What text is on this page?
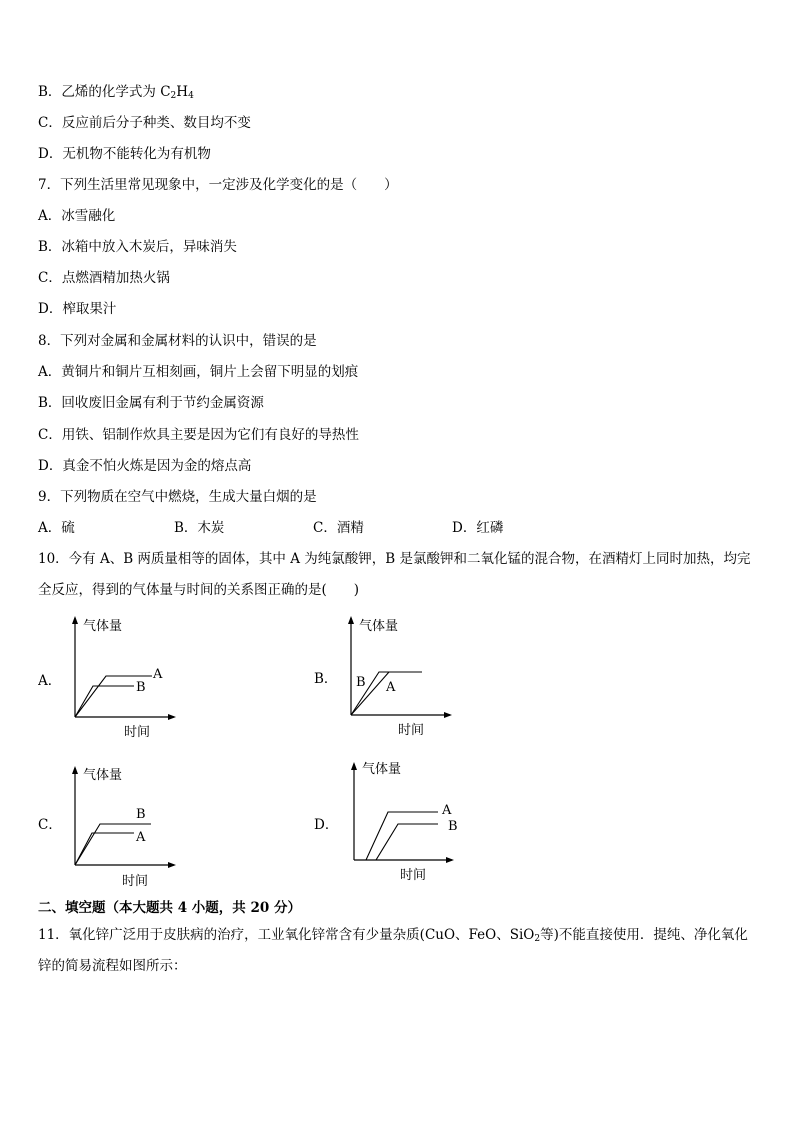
B．乙烯的化学式为 $C_2H_4$
C．反应前后分子种类、数目均不变
D．无机物不能转化为有机物
7．下列生活里常见现象中，一定涉及化学变化的是（　　）
A．冰雪融化
B．冰箱中放入木炭后，异味消失
C．点燃酒精加热火锅
D．榨取果汁
8．下列对金属和金属材料的认识中，错误的是
A．黄铜片和铜片互相刻画，铜片上会留下明显的划痕
B．回收废旧金属有利于节约金属资源
C．用铁、铝制作炊具主要是因为它们有良好的导热性
D．真金不怕火炼是因为金的熔点高
9．下列物质在空气中燃烧，生成大量白烟的是
A．硫	B．木炭	C．酒精	D．红磷
10．今有 A、B 两质量相等的固体，其中 A 为纯氯酸钾，B 是氯酸钾和二氧化锰的混合物，在酒精灯上同时加热，均完全反应，得到的气体量与时间的关系图正确的是(　　)
A．
气体量
时间
A
B
B．
气体量
时间
B A
C．
气体量
时间
B
A
D．
气体量
时间
A
B
二、填空题（本大题共 4 小题，共 20 分）
11．氧化锌广泛用于皮肤病的治疗，工业氧化锌常含有少量杂质(CuO、FeO、SiO$_2$等)不能直接使用．提纯、净化氧化锌的简易流程如图所示：
